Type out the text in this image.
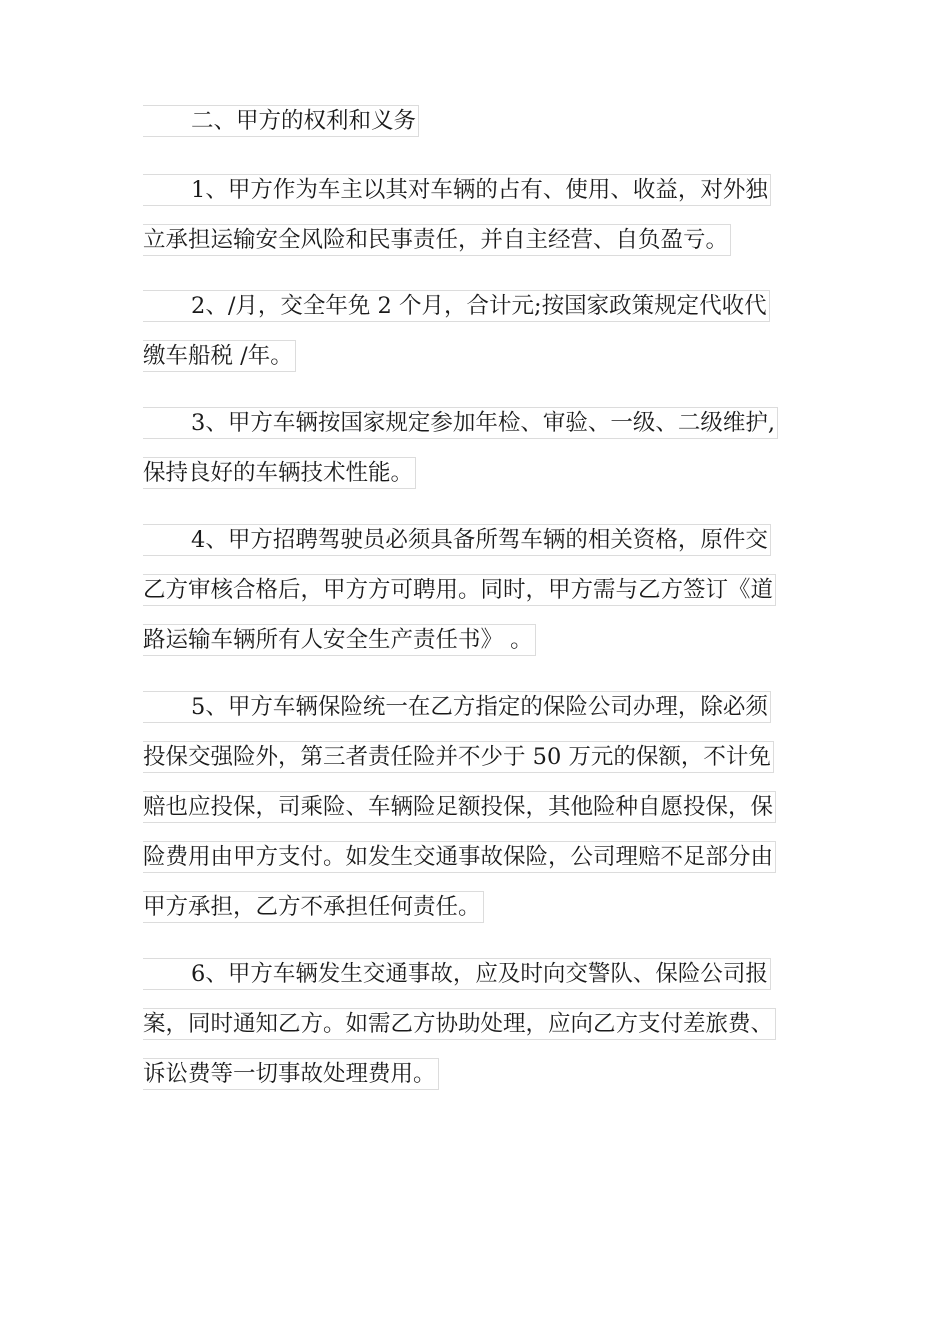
二、甲方的权利和义务
1、甲方作为车主以其对车辆的占有、使用、收益，对外独
立承担运输安全风险和民事责任，并自主经营、自负盈亏。
2、/月，交全年免 2 个月，合计元;按国家政策规定代收代
缴车船税 /年。
3、甲方车辆按国家规定参加年检、审验、一级、二级维护,
保持良好的车辆技术性能。
4、甲方招聘驾驶员必须具备所驾车辆的相关资格，原件交
乙方审核合格后，甲方方可聘用。同时，甲方需与乙方签订《道
路运输车辆所有人安全生产责任书》 。
5、甲方车辆保险统一在乙方指定的保险公司办理，除必须
投保交强险外，第三者责任险并不少于 50 万元的保额，不计免
赔也应投保，司乘险、车辆险足额投保，其他险种自愿投保，保
险费用由甲方支付。如发生交通事故保险，公司理赔不足部分由
甲方承担，乙方不承担任何责任。
6、甲方车辆发生交通事故，应及时向交警队、保险公司报
案，同时通知乙方。如需乙方协助处理，应向乙方支付差旅费、
诉讼费等一切事故处理费用。
